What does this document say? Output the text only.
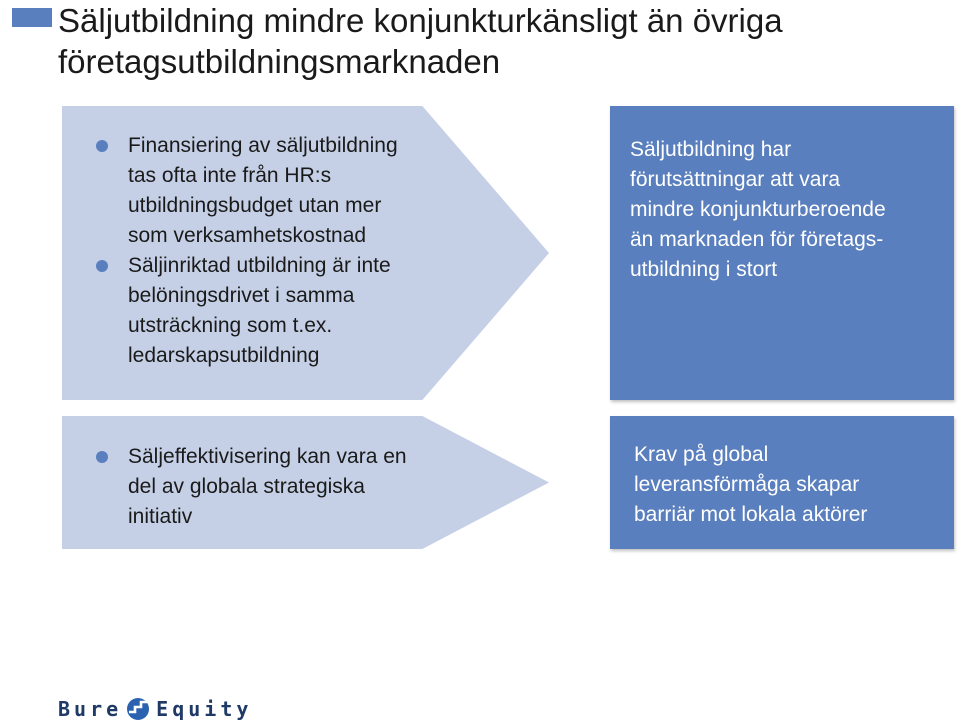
Säljutbildning mindre konjunkturkänsligt än övriga
företagsutbildningsmarknaden
Finansiering av säljutbildning
tas ofta inte från HR:s
utbildningsbudget utan mer
som verksamhetskostnad
Säljinriktad utbildning är inte
belöningsdrivet i samma
utsträckning som t.ex.
ledarskapsutbildning
Säljutbildning har
förutsättningar att vara
mindre konjunkturberoende
än marknaden för företags-
utbildning i stort
Säljeffektivisering kan vara en
del av globala strategiska
initiativ
Krav på global
leveransförmåga skapar
barriär mot lokala aktörer
Bure Equity
